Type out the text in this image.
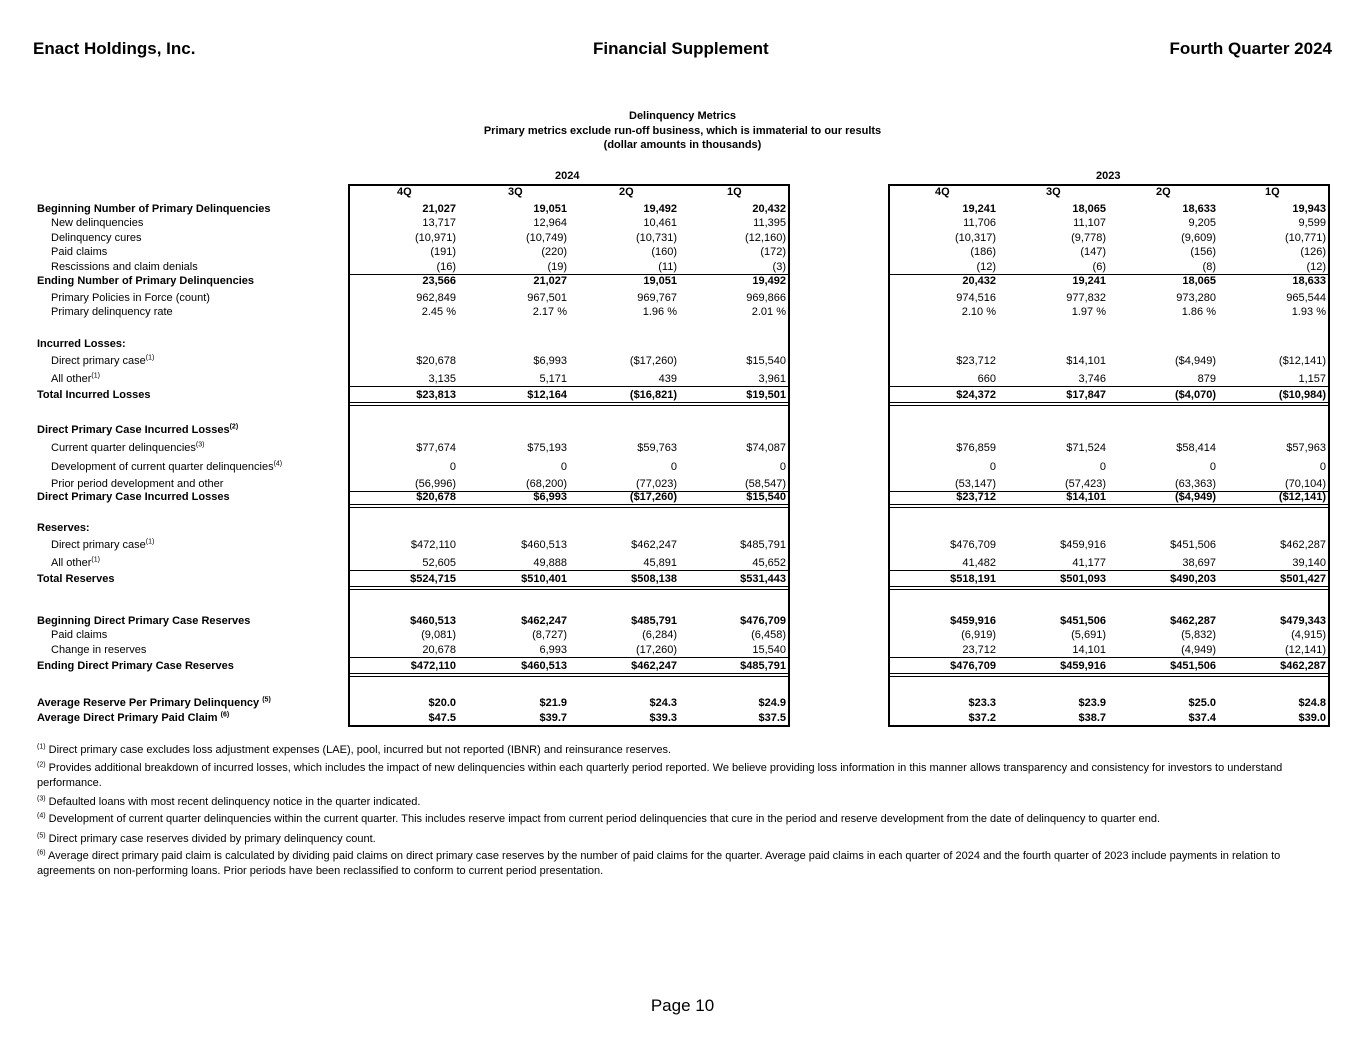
Enact Holdings, Inc.	Financial Supplement	Fourth Quarter 2024
Delinquency Metrics
Primary metrics exclude run-off business, which is immaterial to our results
(dollar amounts in thousands)
2024	2023
4Q	3Q	2Q	1Q	4Q	3Q	2Q	1Q
Beginning Number of Primary Delinquencies	21,027	19,051	19,492	20,432	19,241	18,065	18,633	19,943
New delinquencies	13,717	12,964	10,461	11,395	11,706	11,107	9,205	9,599
Delinquency cures	(10,971)	(10,749)	(10,731)	(12,160)	(10,317)	(9,778)	(9,609)	(10,771)
Paid claims	(191)	(220)	(160)	(172)	(186)	(147)	(156)	(126)
Rescissions and claim denials	(16)	(19)	(11)	(3)	(12)	(6)	(8)	(12)
Ending Number of Primary Delinquencies	23,566	21,027	19,051	19,492	20,432	19,241	18,065	18,633
Primary Policies in Force (count)	962,849	967,501	969,767	969,866	974,516	977,832	973,280	965,544
Primary delinquency rate	2.45 %	2.17 %	1.96 %	2.01 %	2.10 %	1.97 %	1.86 %	1.93 %
Incurred Losses:
Direct primary case$^{(1)}$	$20,678	$6,993	($17,260)	$15,540	$23,712	$14,101	($4,949)	($12,141)
All other$^{(1)}$	3,135	5,171	439	3,961	660	3,746	879	1,157
Total Incurred Losses	$23,813	$12,164	($16,821)	$19,501	$24,372	$17,847	($4,070)	($10,984)
Direct Primary Case Incurred Losses$^{(2)}$
Current quarter delinquencies$^{(3)}$	$77,674	$75,193	$59,763	$74,087	$76,859	$71,524	$58,414	$57,963
Development of current quarter delinquencies$^{(4)}$	0	0	0	0	0	0	0	0
Prior period development and other	(56,996)	(68,200)	(77,023)	(58,547)	(53,147)	(57,423)	(63,363)	(70,104)
Direct Primary Case Incurred Losses	$20,678	$6,993	($17,260)	$15,540	$23,712	$14,101	($4,949)	($12,141)
Reserves:
Direct primary case$^{(1)}$	$472,110	$460,513	$462,247	$485,791	$476,709	$459,916	$451,506	$462,287
All other$^{(1)}$	52,605	49,888	45,891	45,652	41,482	41,177	38,697	39,140
Total Reserves	$524,715	$510,401	$508,138	$531,443	$518,191	$501,093	$490,203	$501,427
Beginning Direct Primary Case Reserves	$460,513	$462,247	$485,791	$476,709	$459,916	$451,506	$462,287	$479,343
Paid claims	(9,081)	(8,727)	(6,284)	(6,458)	(6,919)	(5,691)	(5,832)	(4,915)
Change in reserves	20,678	6,993	(17,260)	15,540	23,712	14,101	(4,949)	(12,141)
Ending Direct Primary Case Reserves	$472,110	$460,513	$462,247	$485,791	$476,709	$459,916	$451,506	$462,287
Average Reserve Per Primary Delinquency $^{(5)}$	$20.0	$21.9	$24.3	$24.9	$23.3	$23.9	$25.0	$24.8
Average Direct Primary Paid Claim $^{(6)}$	$47.5	$39.7	$39.3	$37.5	$37.2	$38.7	$37.4	$39.0
$^{(1)}$ Direct primary case excludes loss adjustment expenses (LAE), pool, incurred but not reported (IBNR) and reinsurance reserves.
$^{(2)}$ Provides additional breakdown of incurred losses, which includes the impact of new delinquencies within each quarterly period reported. We believe providing loss information in this manner allows transparency and consistency for investors to understand performance.
$^{(3)}$ Defaulted loans with most recent delinquency notice in the quarter indicated.
$^{(4)}$ Development of current quarter delinquencies within the current quarter. This includes reserve impact from current period delinquencies that cure in the period and reserve development from the date of delinquency to quarter end.
$^{(5)}$ Direct primary case reserves divided by primary delinquency count.
$^{(6)}$ Average direct primary paid claim is calculated by dividing paid claims on direct primary case reserves by the number of paid claims for the quarter. Average paid claims in each quarter of 2024 and the fourth quarter of 2023 include payments in relation to agreements on non-performing loans. Prior periods have been reclassified to conform to current period presentation.
Page 10
